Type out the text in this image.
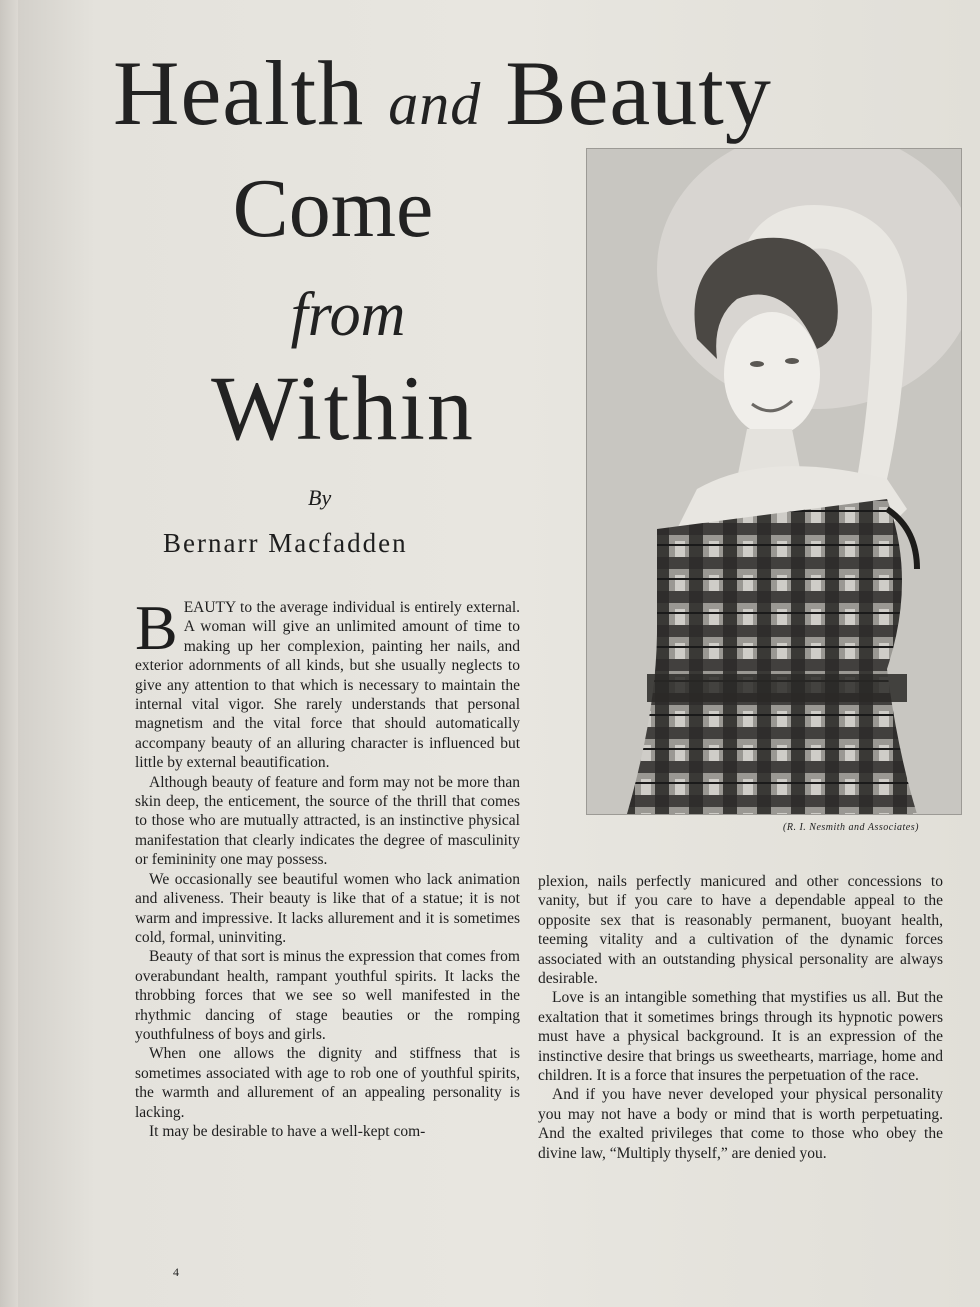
Health and Beauty
Come
from
Within
By
Bernarr Macfadden
(R. I. Nesmith and Associates)

BEAUTY to the average individual is entirely external. A woman will give an unlimited amount of time to making up her complexion, painting her nails, and exterior adornments of all kinds, but she usually neglects to give any attention to that which is necessary to maintain the internal vital vigor. She rarely understands that personal magnetism and the vital force that should automatically accompany beauty of an alluring character is influenced but little by external beautification.

Although beauty of feature and form may not be more than skin deep, the enticement, the source of the thrill that comes to those who are mutually attracted, is an instinctive physical manifestation that clearly indicates the degree of masculinity or femininity one may possess.

We occasionally see beautiful women who lack animation and aliveness. Their beauty is like that of a statue; it is not warm and impressive. It lacks allurement and it is sometimes cold, formal, uninviting.

Beauty of that sort is minus the expression that comes from overabundant health, rampant youthful spirits. It lacks the throbbing forces that we see so well manifested in the rhythmic dancing of stage beauties or the romping youthfulness of boys and girls.

When one allows the dignity and stiffness that is sometimes associated with age to rob one of youthful spirits, the warmth and allurement of an appealing personality is lacking.

It may be desirable to have a well-kept com-

plexion, nails perfectly manicured and other concessions to vanity, but if you care to have a dependable appeal to the opposite sex that is reasonably permanent, buoyant health, teeming vitality and a cultivation of the dynamic forces associated with an outstanding physical personality are always desirable.

Love is an intangible something that mystifies us all. But the exaltation that it sometimes brings through its hypnotic powers must have a physical background. It is an expression of the instinctive desire that brings us sweethearts, marriage, home and children. It is a force that insures the perpetuation of the race.

And if you have never developed your physical personality you may not have a body or mind that is worth perpetuating. And the exalted privileges that come to those who obey the divine law, “Multiply thyself,” are denied you.

4
